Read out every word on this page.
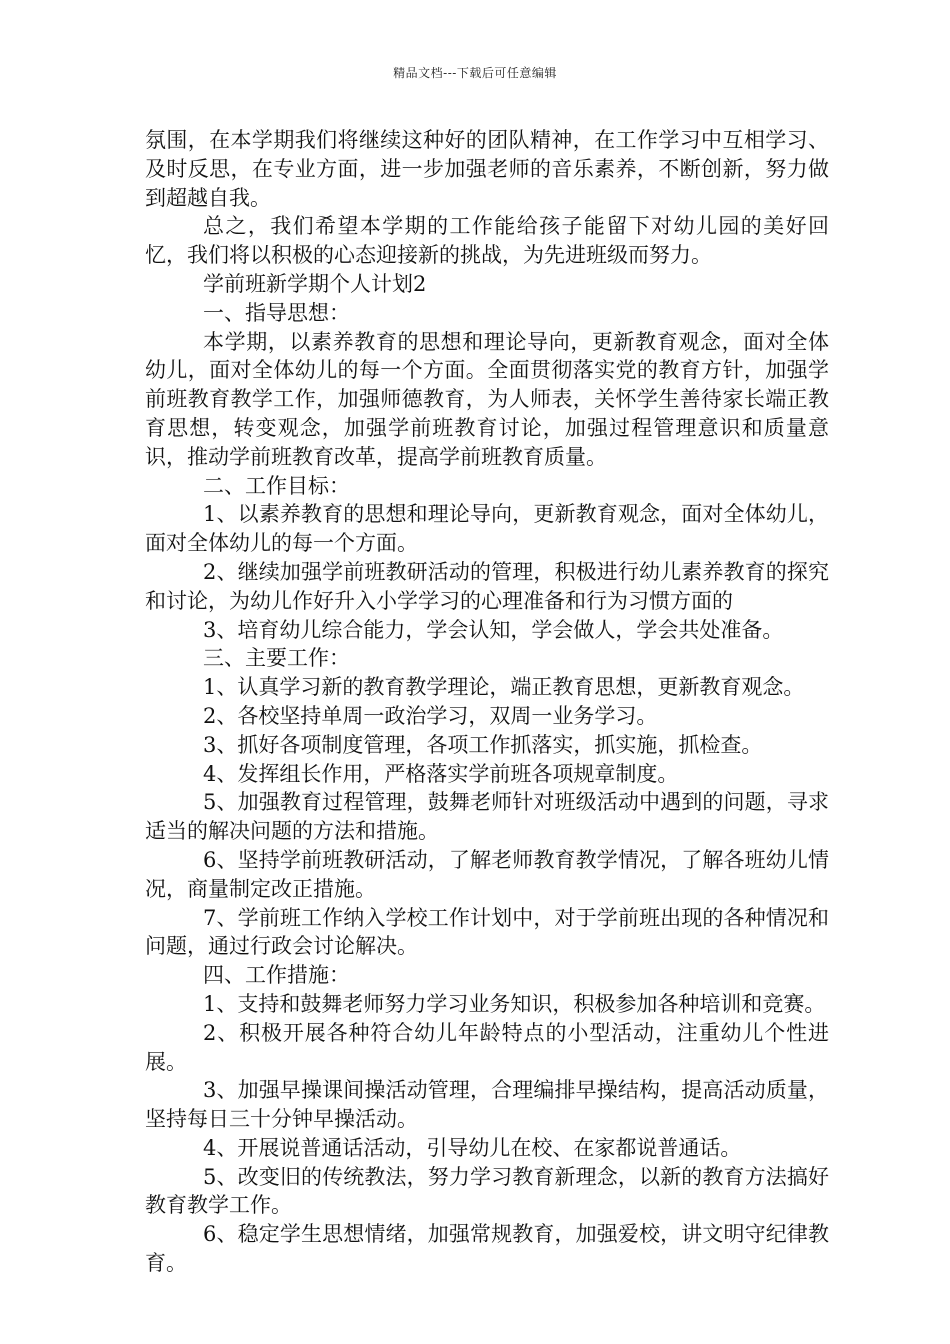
精品文档---下载后可任意编辑

氛围，在本学期我们将继续这种好的团队精神，在工作学习中互相学习、及时反思，在专业方面，进一步加强老师的音乐素养，不断创新，努力做到超越自我。

总之，我们希望本学期的工作能给孩子能留下对幼儿园的美好回忆，我们将以积极的心态迎接新的挑战，为先进班级而努力。

学前班新学期个人计划2

一、指导思想：

本学期，以素养教育的思想和理论导向，更新教育观念，面对全体幼儿，面对全体幼儿的每一个方面。全面贯彻落实党的教育方针，加强学前班教育教学工作，加强师德教育，为人师表，关怀学生善待家长端正教育思想，转变观念，加强学前班教育讨论，加强过程管理意识和质量意识，推动学前班教育改革，提高学前班教育质量。

二、工作目标：

1、以素养教育的思想和理论导向，更新教育观念，面对全体幼儿，面对全体幼儿的每一个方面。

2、继续加强学前班教研活动的管理，积极进行幼儿素养教育的探究和讨论，为幼儿作好升入小学学习的心理准备和行为习惯方面的

3、培育幼儿综合能力，学会认知，学会做人，学会共处准备。

三、主要工作：

1、认真学习新的教育教学理论，端正教育思想，更新教育观念。

2、各校坚持单周一政治学习，双周一业务学习。

3、抓好各项制度管理，各项工作抓落实，抓实施，抓检查。

4、发挥组长作用，严格落实学前班各项规章制度。

5、加强教育过程管理，鼓舞老师针对班级活动中遇到的问题，寻求适当的解决问题的方法和措施。

6、坚持学前班教研活动，了解老师教育教学情况，了解各班幼儿情况，商量制定改正措施。

7、学前班工作纳入学校工作计划中，对于学前班出现的各种情况和问题，通过行政会讨论解决。

四、工作措施：

1、支持和鼓舞老师努力学习业务知识，积极参加各种培训和竞赛。

2、积极开展各种符合幼儿年龄特点的小型活动，注重幼儿个性进展。

3、加强早操课间操活动管理，合理编排早操结构，提高活动质量，坚持每日三十分钟早操活动。

4、开展说普通话活动，引导幼儿在校、在家都说普通话。

5、改变旧的传统教法，努力学习教育新理念，以新的教育方法搞好教育教学工作。

6、稳定学生思想情绪，加强常规教育，加强爱校，讲文明守纪律教育。
